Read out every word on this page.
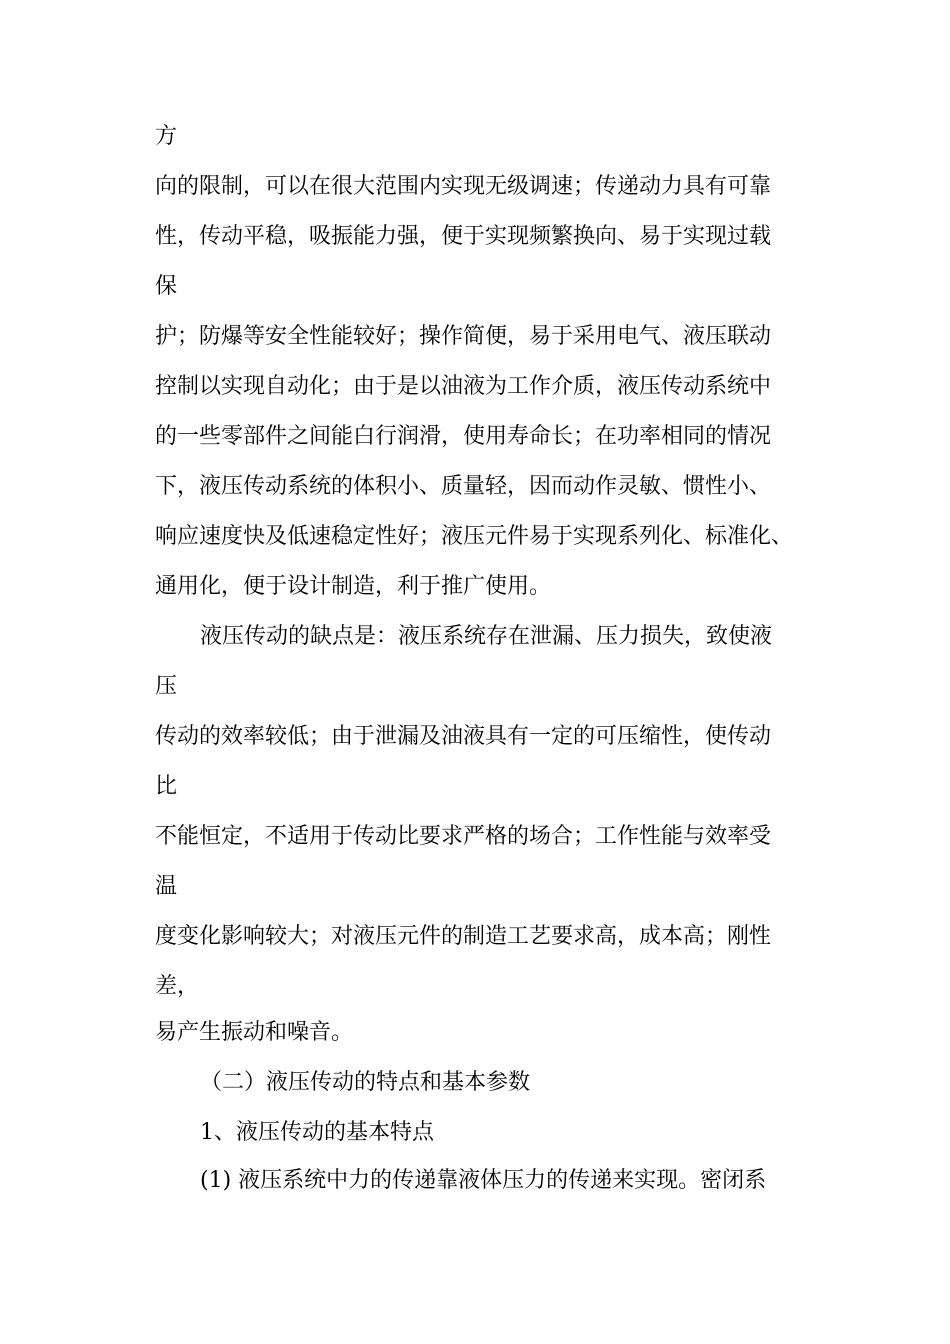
方
向的限制，可以在很大范围内实现无级调速；传递动力具有可靠
性，传动平稳，吸振能力强，便于实现频繁换向、易于实现过载
保
护；防爆等安全性能较好；操作简便，易于采用电气、液压联动
控制以实现自动化；由于是以油液为工作介质，液压传动系统中
的一些零部件之间能白行润滑，使用寿命长；在功率相同的情况
下，液压传动系统的体积小、质量轻，因而动作灵敏、惯性小、
响应速度快及低速稳定性好；液压元件易于实现系列化、标准化、
通用化，便于设计制造，利于推广使用。
液压传动的缺点是：液压系统存在泄漏、压力损失，致使液
压
传动的效率较低；由于泄漏及油液具有一定的可压缩性，使传动
比
不能恒定，不适用于传动比要求严格的场合；工作性能与效率受
温
度变化影响较大；对液压元件的制造工艺要求高，成本高；刚性
差，
易产生振动和噪音。
（二）液压传动的特点和基本参数
1、液压传动的基本特点
(1) 液压系统中力的传递靠液体压力的传递来实现。密闭系
